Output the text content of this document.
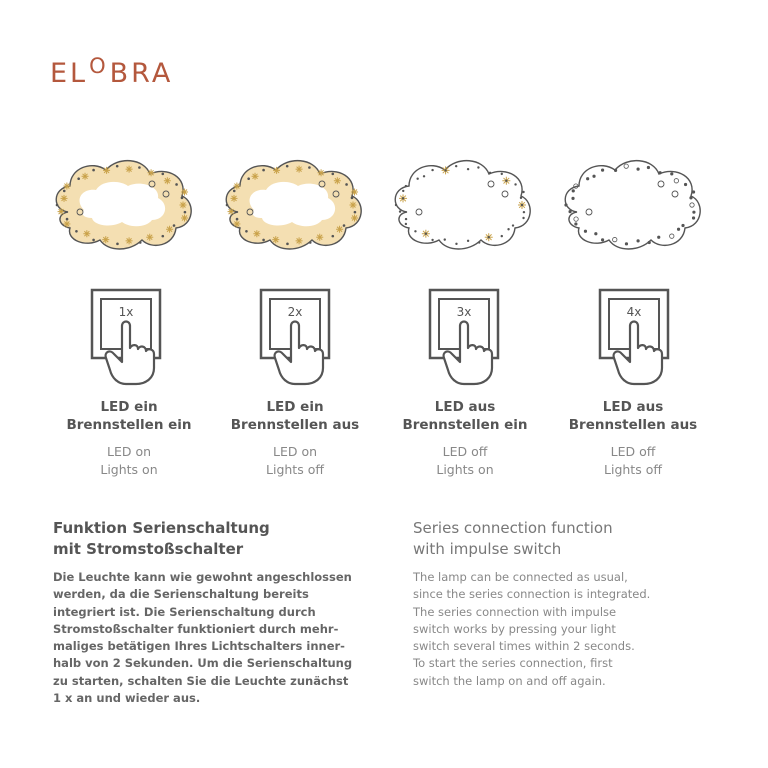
ELOBRA
1x	2x	3x	4x
LED ein
Brennstellen ein
LED on
Lights on
LED ein
Brennstellen aus
LED on
Lights off
LED aus
Brennstellen ein
LED off
Lights on
LED aus
Brennstellen aus
LED off
Lights off
Funktion Serienschaltung
mit Stromstoßschalter
Die Leuchte kann wie gewohnt angeschlossen
werden, da die Serienschaltung bereits
integriert ist. Die Serienschaltung durch
Stromstoßschalter funktioniert durch mehr-
maliges betätigen Ihres Lichtschalters inner-
halb von 2 Sekunden. Um die Serienschaltung
zu starten, schalten Sie die Leuchte zunächst
1 x an und wieder aus.
Series connection function
with impulse switch
The lamp can be connected as usual,
since the series connection is integrated.
The series connection with impulse
switch works by pressing your light
switch several times within 2 seconds.
To start the series connection, first
switch the lamp on and off again.
